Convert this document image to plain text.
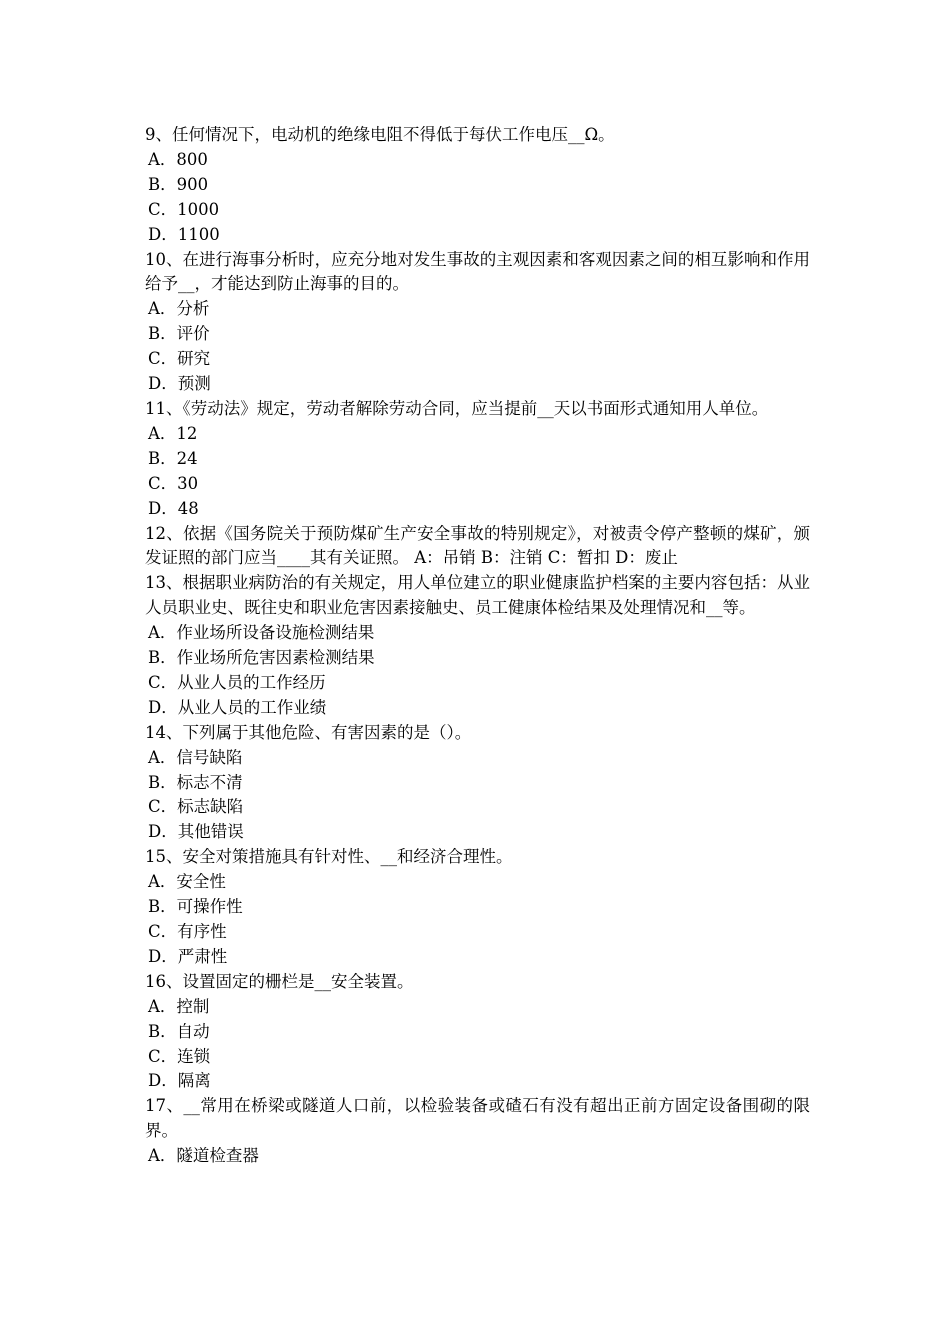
9、任何情况下，电动机的绝缘电阻不得低于每伏工作电压__Ω。

A．800

B．900

C．1000

D．1100

10、在进行海事分析时，应充分地对发生事故的主观因素和客观因素之间的相互影响和作用给予__，才能达到防止海事的目的。

A．分析

B．评价

C．研究

D．预测

11、《劳动法》规定，劳动者解除劳动合同，应当提前__天以书面形式通知用人单位。

A．12

B．24

C．30

D．48

12、依据《国务院关于预防煤矿生产安全事故的特别规定》，对被责令停产整顿的煤矿，颁发证照的部门应当____其有关证照。 A：吊销 B：注销 C：暂扣 D：废止

13、根据职业病防治的有关规定，用人单位建立的职业健康监护档案的主要内容包括：从业人员职业史、既往史和职业危害因素接触史、员工健康体检结果及处理情况和__等。

A．作业场所设备设施检测结果

B．作业场所危害因素检测结果

C．从业人员的工作经历

D．从业人员的工作业绩

14、下列属于其他危险、有害因素的是（）。

A．信号缺陷

B．标志不清

C．标志缺陷

D．其他错误

15、安全对策措施具有针对性、__和经济合理性。

A．安全性

B．可操作性

C．有序性

D．严肃性

16、设置固定的栅栏是__安全装置。

A．控制

B．自动

C．连锁

D．隔离

17、__常用在桥梁或隧道人口前，以检验装备或碴石有没有超出正前方固定设备围砌的限界。

A．隧道检查器
